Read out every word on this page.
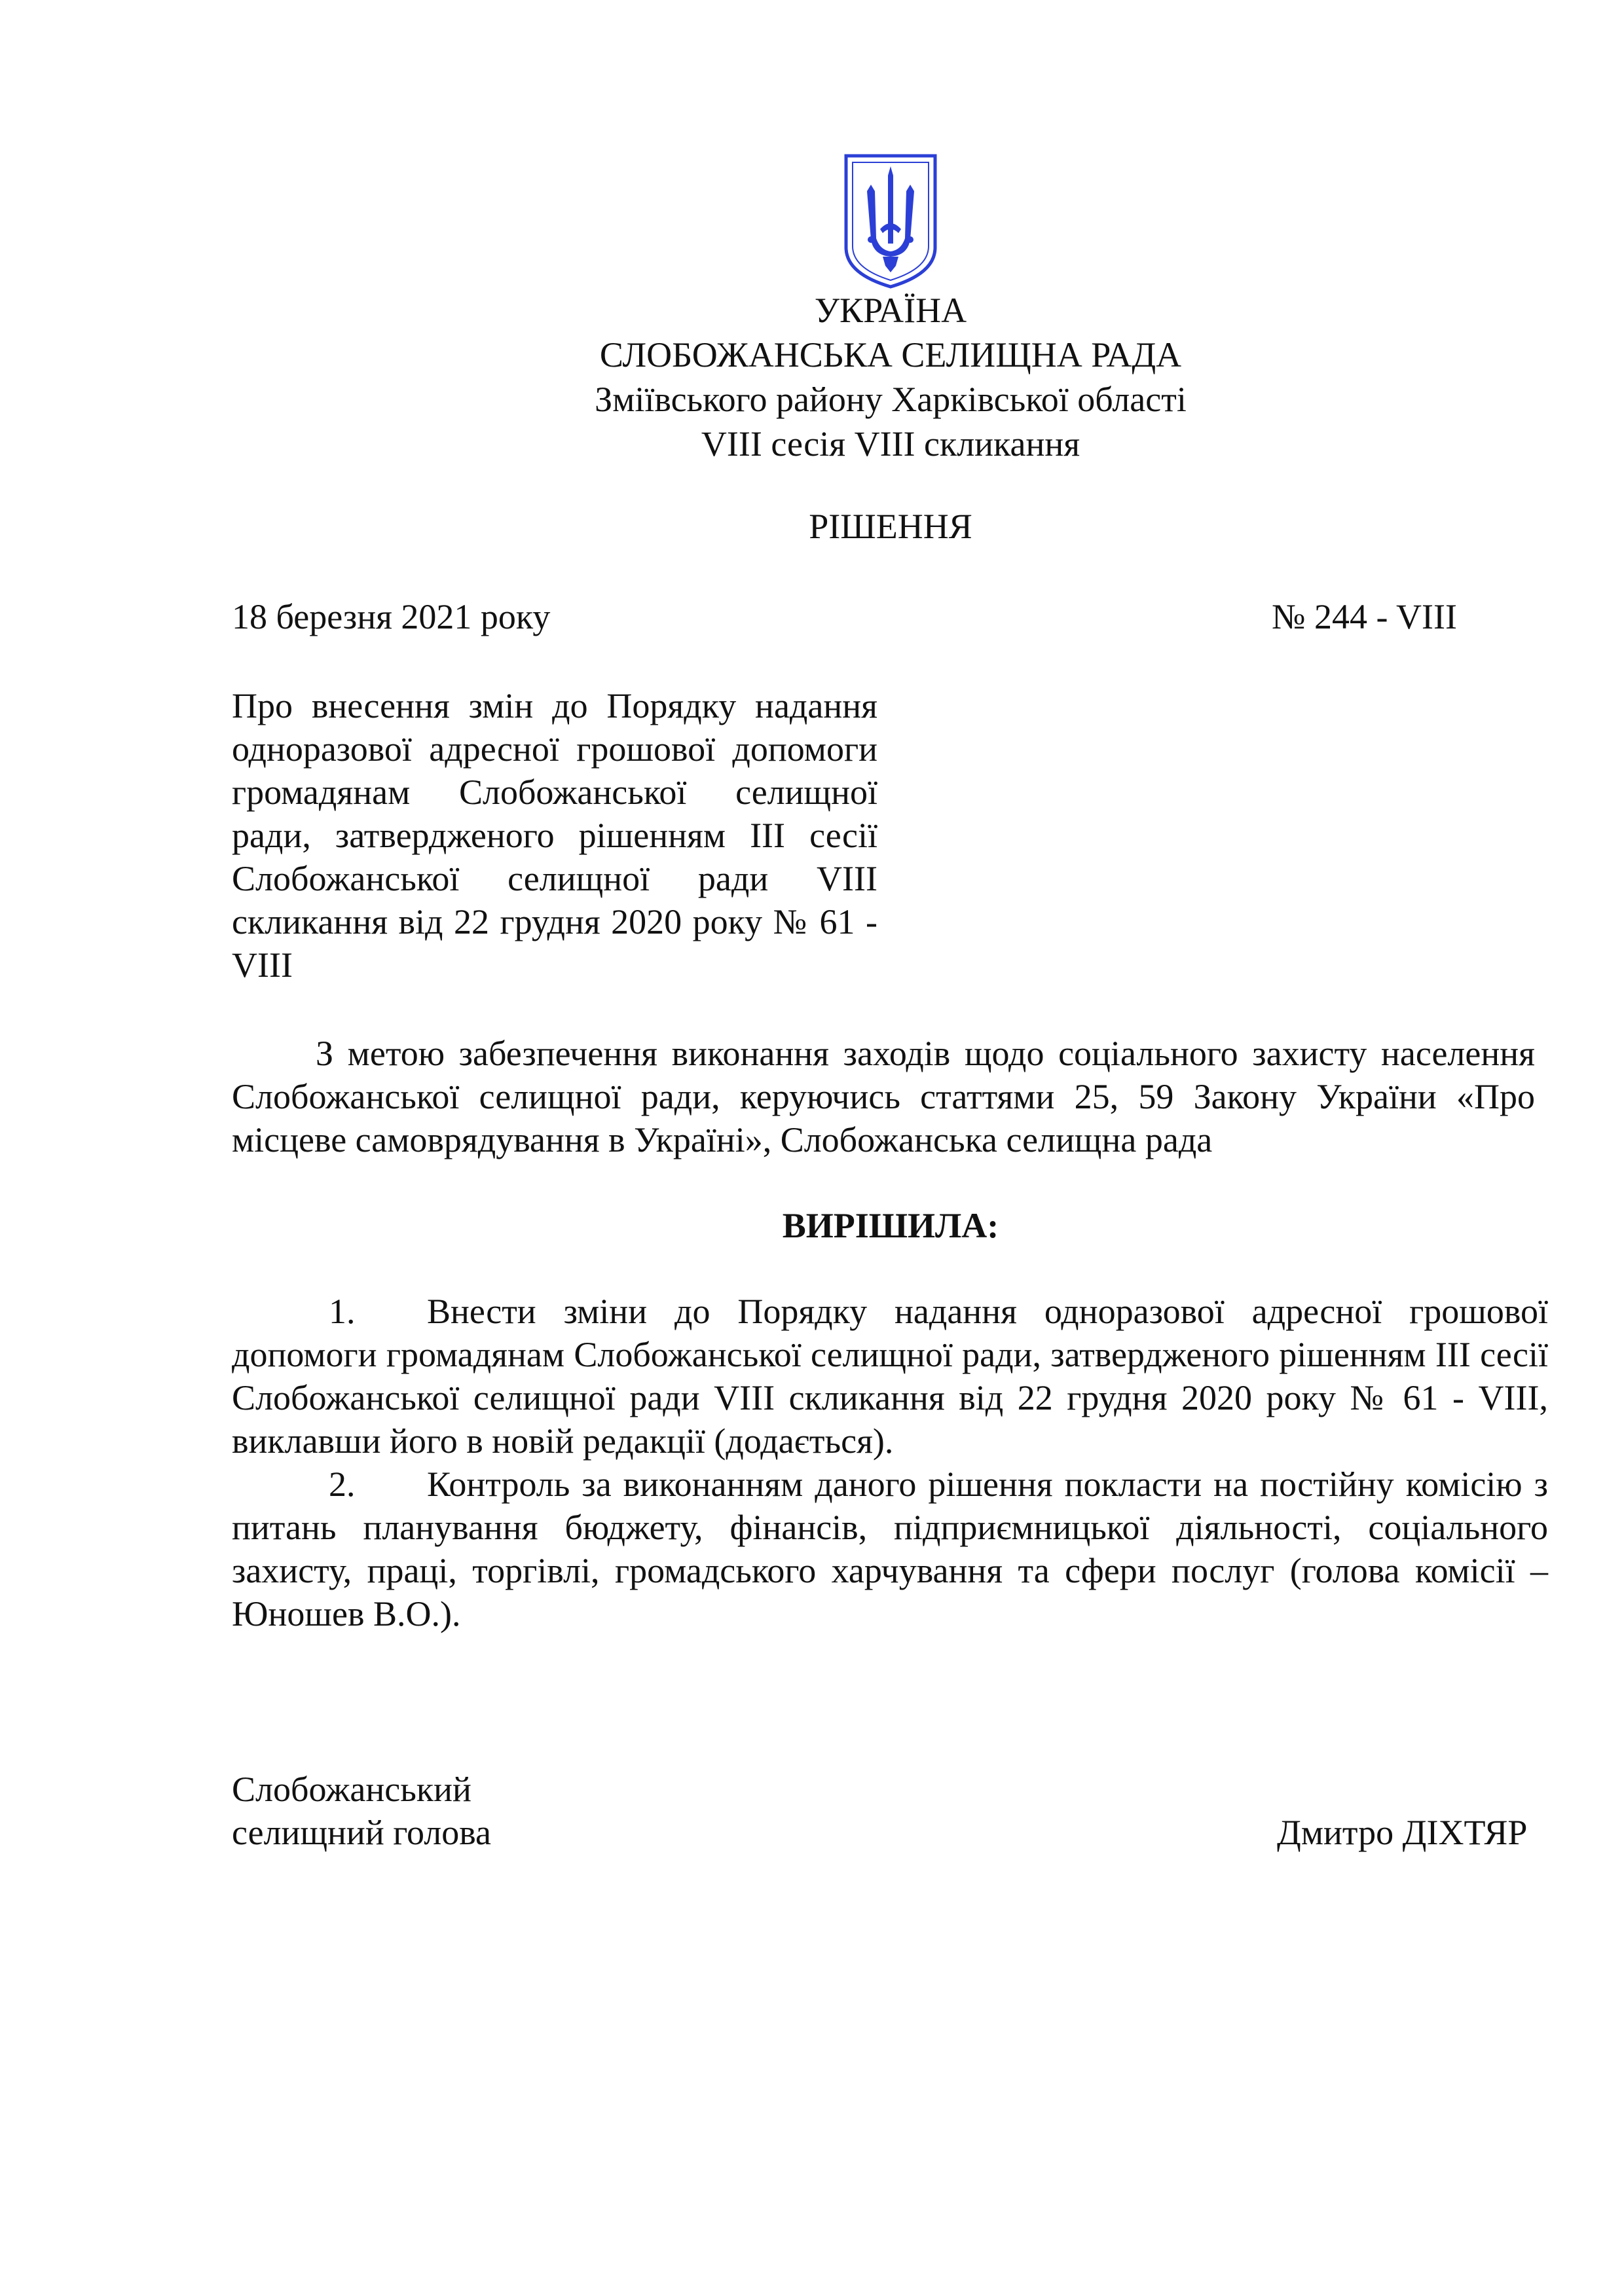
УКРАЇНА
СЛОБОЖАНСЬКА СЕЛИЩНА РАДА
Зміївського району Харківської області
VIII сесія VIII скликання
РІШЕННЯ
18 березня 2021 року	№ 244 - VIII
Про внесення змін до Порядку надання одноразової адресної грошової допомоги громадянам Слобожанської селищної ради, затвердженого рішенням ІІІ сесії Слобожанської селищної ради VIII скликання від 22 грудня 2020 року № 61 - VIII
З метою забезпечення виконання заходів щодо соціального захисту населення Слобожанської селищної ради, керуючись статтями 25, 59 Закону України «Про місцеве самоврядування в Україні», Слобожанська селищна рада
ВИРІШИЛА:

1. Внести зміни до Порядку надання одноразової адресної грошової допомоги громадянам Слобожанської селищної ради, затвердженого рішенням ІІІ сесії Слобожанської селищної ради VIII скликання від 22 грудня 2020 року № 61 - VIII, виклавши його в новій редакції (додається).

2. Контроль за виконанням даного рішення покласти на постійну комісію з питань планування бюджету, фінансів, підприємницької діяльності, соціального захисту, праці, торгівлі, громадського харчування та сфери послуг (голова комісії – Юношев В.О.).

Слобожанський
селищний голова	Дмитро ДІХТЯР
